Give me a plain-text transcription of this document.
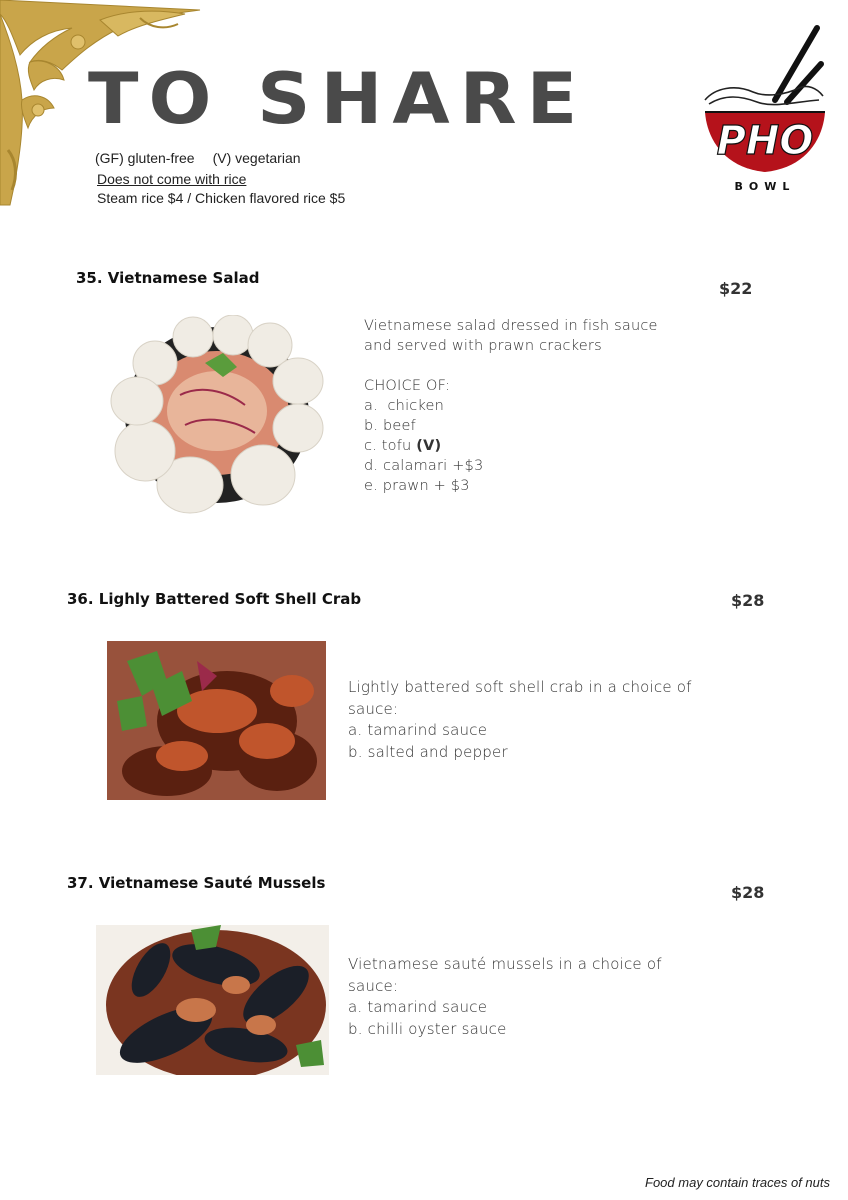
TO SHARE
(GF) gluten-free (V) vegetarian
Does not come with rice
Steam rice $4 / Chicken flavored rice $5
PHO
BOWL
35. Vietnamese Salad
$22
Vietnamese salad dressed in fish sauce
and served with prawn crackers
CHOICE OF:
a.  chicken
b. beef
c. tofu (V)
d. calamari +$3
e. prawn + $3
36. Lighly Battered Soft Shell Crab	$28
Lightly battered soft shell crab in a choice of
sauce:
a. tamarind sauce
b. salted and pepper
37. Vietnamese Sauté Mussels	$28
Vietnamese sauté mussels in a choice of
sauce:
a. tamarind sauce
b. chilli oyster sauce
Food may contain traces of nuts
